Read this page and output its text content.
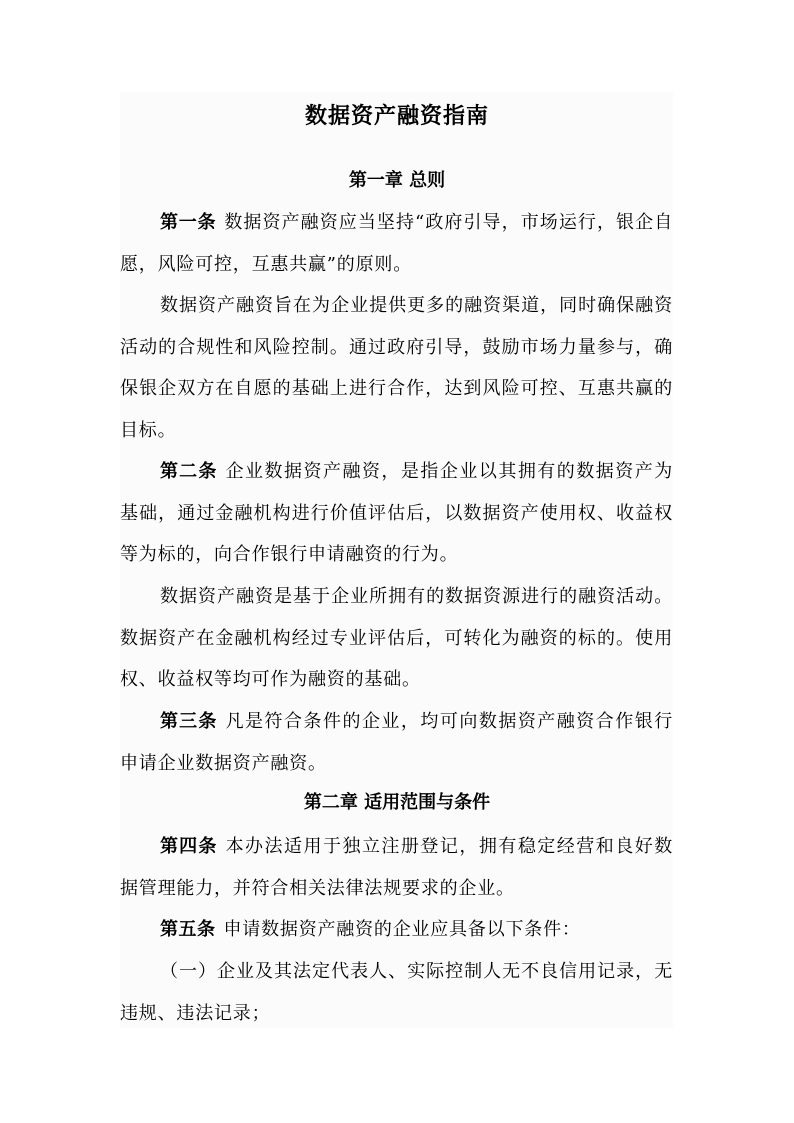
数据资产融资指南
第一章 总则

第一条 数据资产融资应当坚持“政府引导，市场运行，银企自愿，风险可控，互惠共赢”的原则。

数据资产融资旨在为企业提供更多的融资渠道，同时确保融资活动的合规性和风险控制。通过政府引导，鼓励市场力量参与，确保银企双方在自愿的基础上进行合作，达到风险可控、互惠共赢的目标。

第二条 企业数据资产融资，是指企业以其拥有的数据资产为基础，通过金融机构进行价值评估后，以数据资产使用权、收益权等为标的，向合作银行申请融资的行为。

数据资产融资是基于企业所拥有的数据资源进行的融资活动。数据资产在金融机构经过专业评估后，可转化为融资的标的。使用权、收益权等均可作为融资的基础。

第三条 凡是符合条件的企业，均可向数据资产融资合作银行申请企业数据资产融资。

第二章 适用范围与条件

第四条 本办法适用于独立注册登记，拥有稳定经营和良好数据管理能力，并符合相关法律法规要求的企业。

第五条 申请数据资产融资的企业应具备以下条件：

（一）企业及其法定代表人、实际控制人无不良信用记录，无违规、违法记录；
